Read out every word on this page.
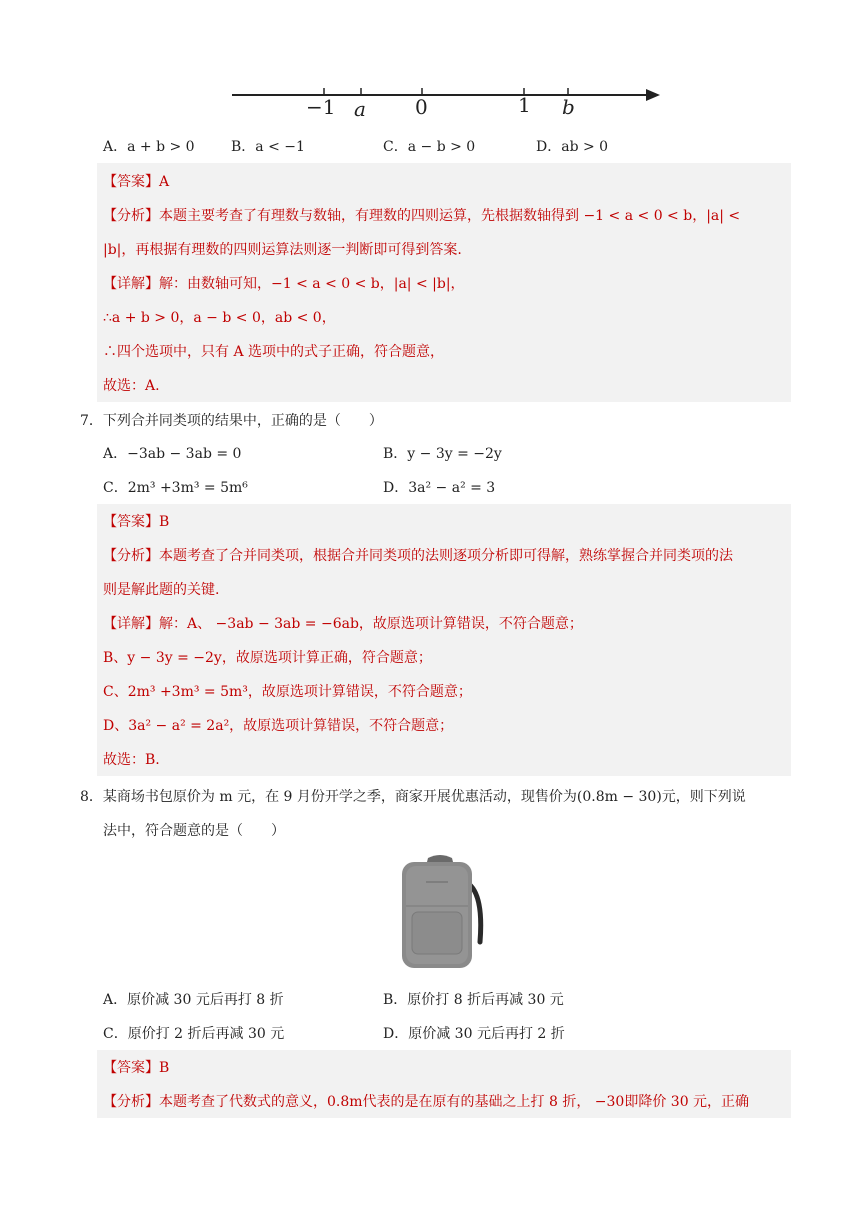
−1 a 0	1 b
A．a + b > 0	B．a < −1	C．a − b > 0	D．ab > 0
【答案】A
【分析】本题主要考查了有理数与数轴，有理数的四则运算，先根据数轴得到 −1 < a < 0 < b，|a| <
|b|，再根据有理数的四则运算法则逐一判断即可得到答案.
【详解】解：由数轴可知，−1 < a < 0 < b，|a| < |b|，
∴a + b > 0，a − b < 0，ab < 0，
∴四个选项中，只有 A 选项中的式子正确，符合题意，
故选：A.
7．下列合并同类项的结果中，正确的是（　　）
A．−3ab − 3ab = 0	B．y − 3y = −2y
C．2m³ +3m³ = 5m⁶	D．3a² − a² = 3
【答案】B
【分析】本题考查了合并同类项，根据合并同类项的法则逐项分析即可得解，熟练掌握合并同类项的法
则是解此题的关键.
【详解】解：A、 −3ab − 3ab = −6ab，故原选项计算错误，不符合题意；
B、y − 3y = −2y，故原选项计算正确，符合题意；
C、2m³ +3m³ = 5m³，故原选项计算错误，不符合题意；
D、3a² − a² = 2a²，故原选项计算错误，不符合题意；
故选：B.
8．某商场书包原价为 m 元，在 9 月份开学之季，商家开展优惠活动，现售价为(0.8m − 30)元，则下列说
法中，符合题意的是（　　）
A．原价减 30 元后再打 8 折	B．原价打 8 折后再减 30 元
C．原价打 2 折后再减 30 元	D．原价减 30 元后再打 2 折
【答案】B
【分析】本题考查了代数式的意义，0.8m代表的是在原有的基础之上打 8 折， −30即降价 30 元，正确
